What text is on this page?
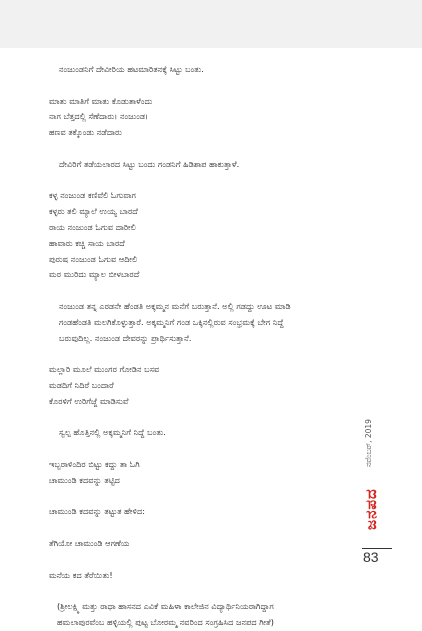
ನಂಜುಂಡನಿಗೆ ದೇವೀರಿಯ ಹಟಮಾರಿತನಕ್ಕೆ ಸಿಟ್ಟು ಬಂತು.
ಮಾತು ಮಾತಿಗೆ ಮಾತು ಕೊಡುತಾಳೆಂದು
ನಾಗ ಬೆತ್ತದಲ್ಲಿ ಸೆಣೆದಾರು। ನಂಜುಂಡ।
ಹಣವ ತಕ್ಕೊಂಡು ನಡೆದಾರು
ದೇವಿರಿಗೆ ತಡೆಯಲಾರದ ಸಿಟ್ಟು ಬಂದು ಗಂಡನಿಗೆ ಹಿಡಿಶಾಪ ಹಾಕುತ್ತಾಳೆ.
ಕಳ್ಳ ನಂಜುಂಡ ಕಣಿವೆಲಿ ಓಗುವಾಗ
ಕಳ್ಳರು ತಲಿ ಮ್ಯಾಲೆ ಉಯ್ಯ ಬಾರದೆ
ರಾಯ ನಂಜುಂಡ ಓಗುವ ದಾರೀಲಿ
ಹಾವಾರು ಕಚ್ಚಿ ಸಾಯ ಬಾರದೆ
ಪುರುಷ ನಂಜುಂಡ ಓಗುವ ಆದೀಲಿ
ಮರ ಮುರಿದು ಮ್ಯಾಲ ಬೀಳಬಾರದೆ
ನಂಜುಂಡ ತನ್ನ ಎರಡನೇ ಹೆಂಡತಿ ಅಕ್ಕಮ್ಮನ ಮನೆಗೆ ಬರುತ್ತಾನೆ. ಅಲ್ಲಿ ಗಡದ್ದು ಊಟ ಮಾಡಿ
ಗಂಡಹೆಂಡತಿ ಮಲಗಿಕೊಳ್ಳುತ್ತಾರೆ. ಅಕ್ಕಮ್ಮನಿಗೆ ಗಂಡ ಒಕ್ಕಿನಲ್ಲಿರುವ ಸಂಭ್ರಮಕ್ಕೆ ಬೇಗ ನಿದ್ದೆ
ಬರುವುದಿಲ್ಲ. ನಂಜುಂಡ ದೇವರನ್ನು ಪ್ರಾರ್ಥಿಸುತ್ತಾನೆ.
ಮಲ್ಲಾರಿ ಮೂಲೆ ಮುಂಗರ ಗೋಡಿನ ಬಸವ
ಮಡದಿಗೆ ನಿದಿರೆ ಬಂದಾರೆ
ಕೊರಳಿಗೆ ಉರಿಗೆಜ್ಜೆ ಮಾಡಿಸುವೆ
ಸ್ವಲ್ಪ ಹೊತ್ತಿನಲ್ಲಿ ಅಕ್ಕಮ್ಮನಿಗೆ ನಿದ್ದೆ ಬಂತು.
ಇಬ್ಬರಾಳಿಂದಿರ ಬಿಟ್ಟು ಕದ್ದು ತಾ ಓಗಿ
ಚಾಮುಂಡಿ ಕದವನ್ನು ತಟ್ಟಿದ
ಚಾಮುಂಡಿ ಕದವನ್ನು ತಟ್ಟುತ ಹೇಳಿದ:
ತೆಗಿಯೋ ಚಾಮುಂಡಿ ಆಗಣೆಯ
ಮನೆಯ ಕದ ತೆರೆಯಿತು!
(ಶ್ರೀಲಕ್ಷ್ಮಿ ಮತ್ತು ರಾಧಾ ಹಾಸನದ ಎವಿಕೆ ಮಹಿಳಾ ಕಾಲೇಜಿನ ವಿದ್ಯಾರ್ಥಿನಿಯರಾಗಿದ್ದಾಗ
ಹಮಲಾಪುರವೆಂಬ ಹಳ್ಳಿಯಲ್ಲಿ ಪುಟ್ಟ ಬೋರಮ್ಮ ನವರಿಂದ ಸಂಗ್ರಹಿಸಿದ ಜನಪದ ಗೀತೆ)
ನವೆಂಬರ್, 2019
ಜನಪದ
83
